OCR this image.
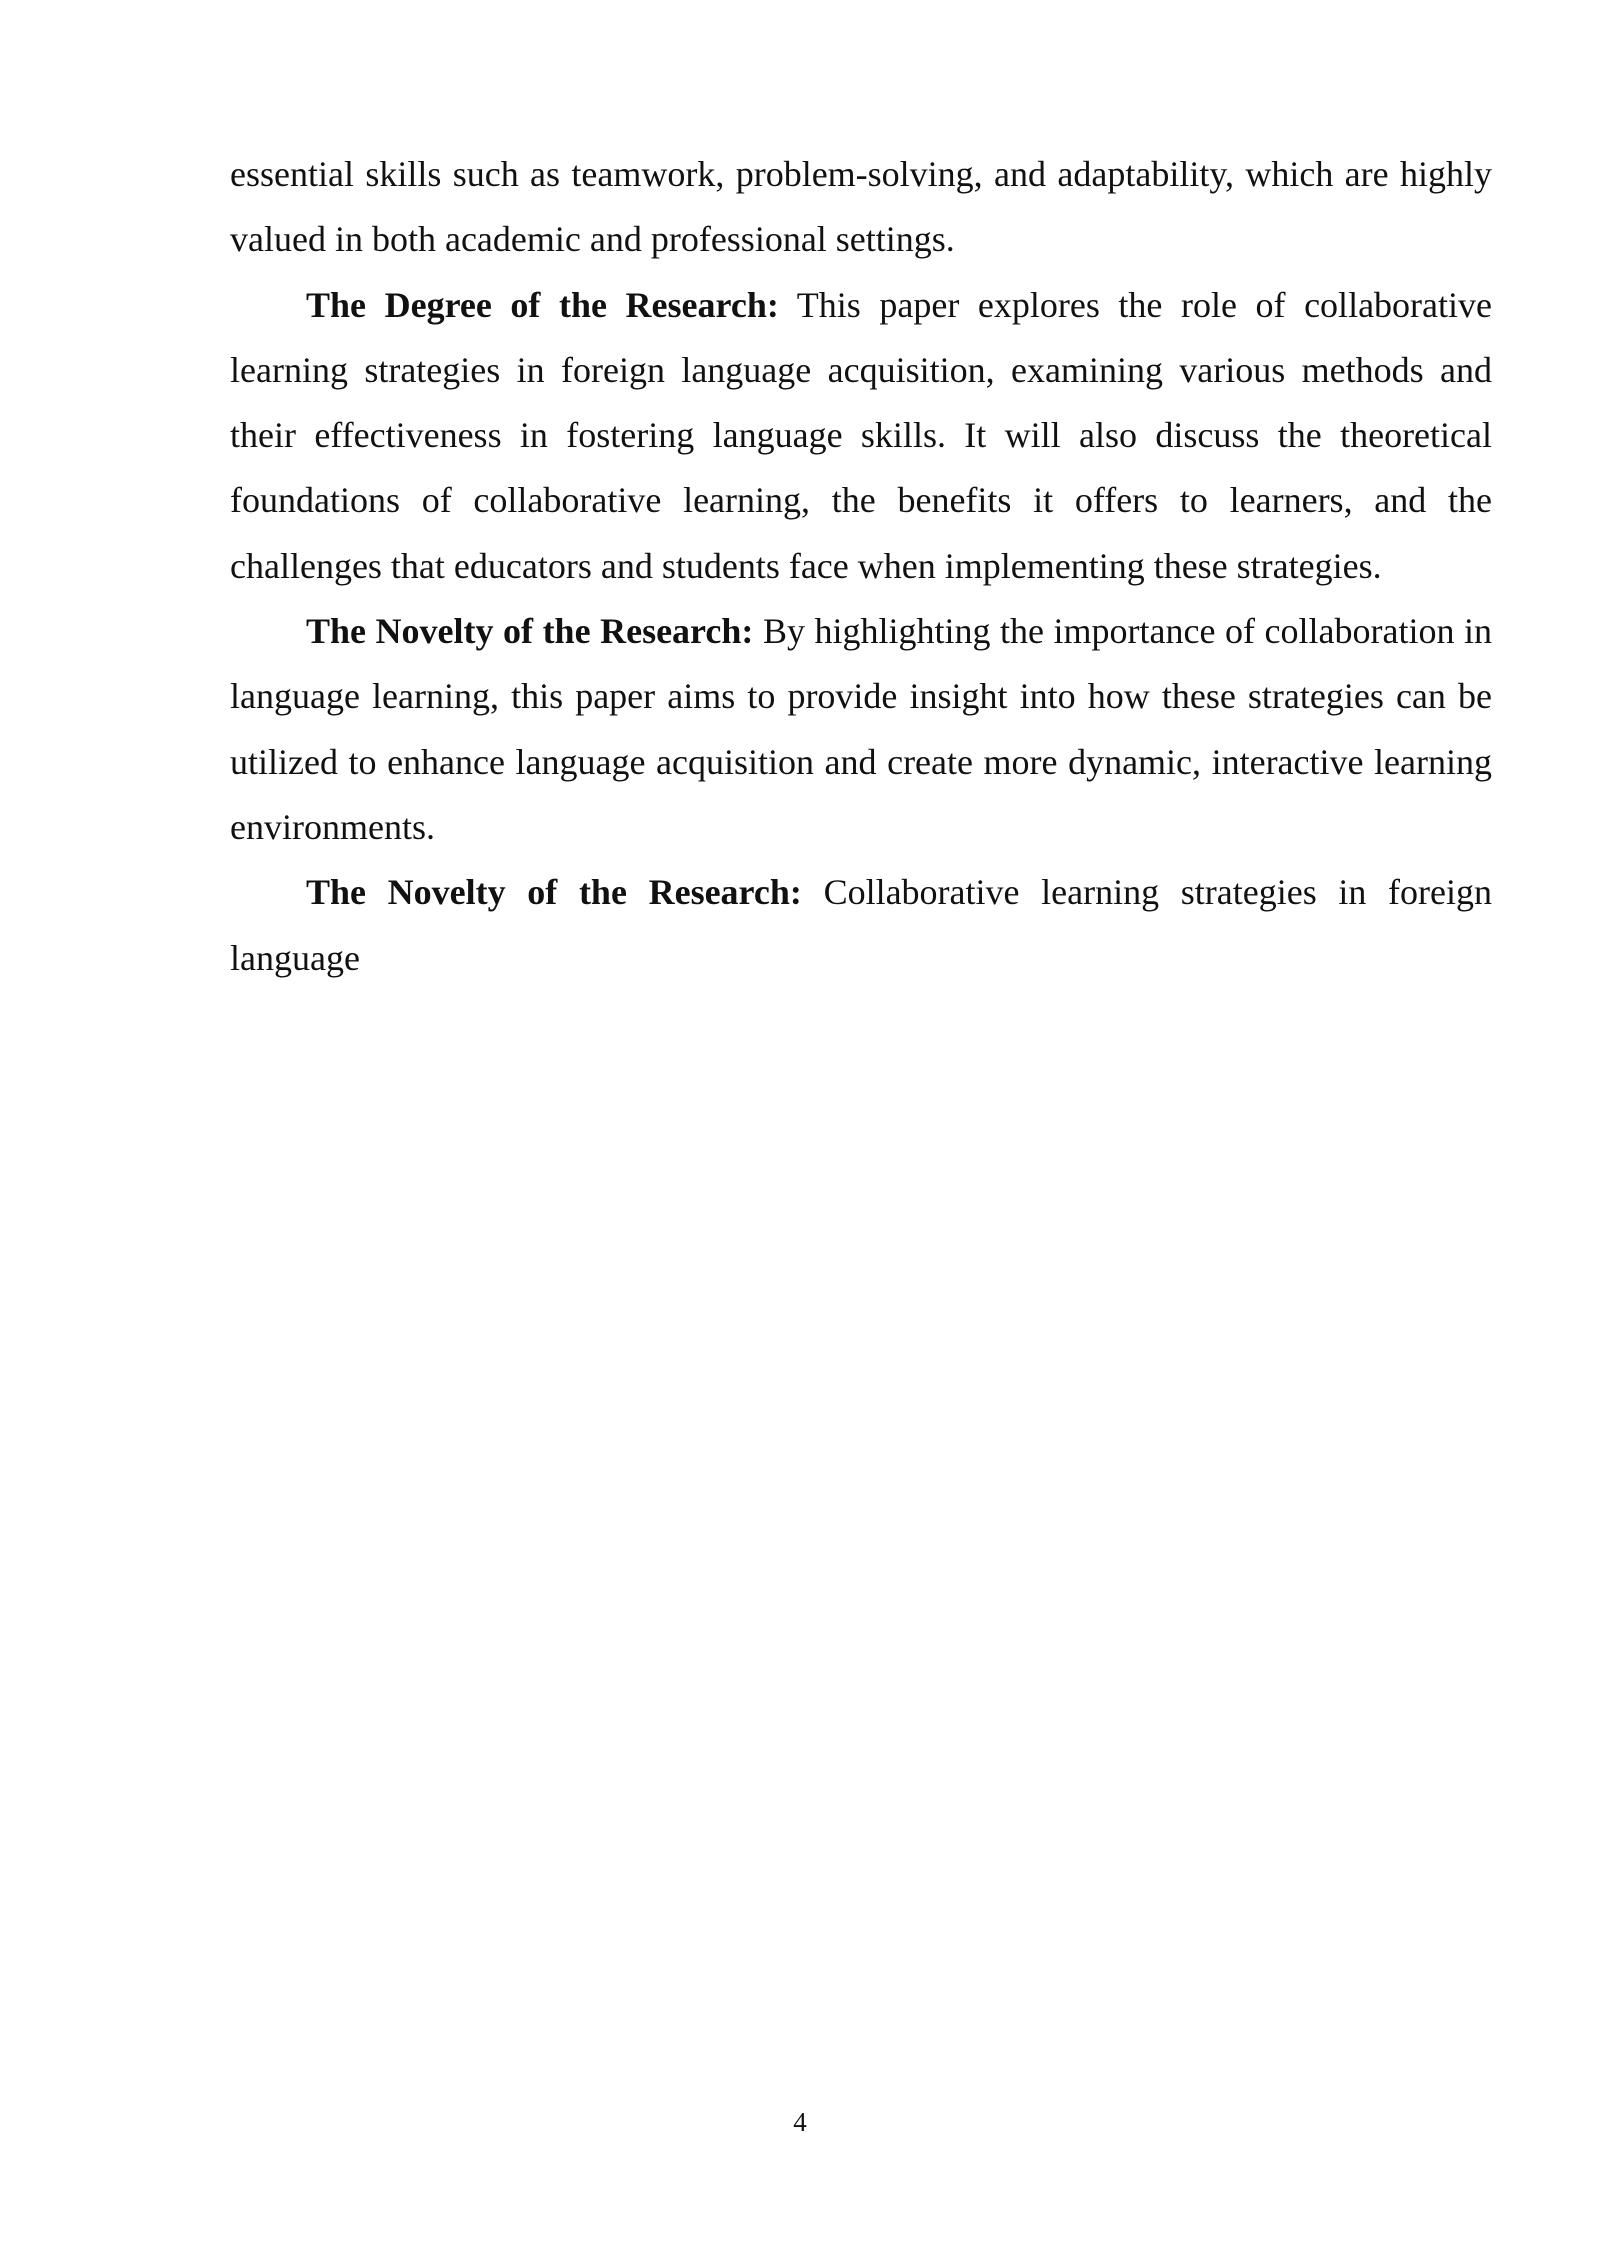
essential skills such as teamwork, problem-solving, and adaptability, which are highly valued in both academic and professional settings.

The Degree of the Research: This paper explores the role of collaborative learning strategies in foreign language acquisition, examining various methods and their effectiveness in fostering language skills. It will also discuss the theoretical foundations of collaborative learning, the benefits it offers to learners, and the challenges that educators and students face when implementing these strategies.

The Novelty of the Research: By highlighting the importance of collaboration in language learning, this paper aims to provide insight into how these strategies can be utilized to enhance language acquisition and create more dynamic, interactive learning environments.

The Novelty of the Research: Collaborative learning strategies in foreign language

4
